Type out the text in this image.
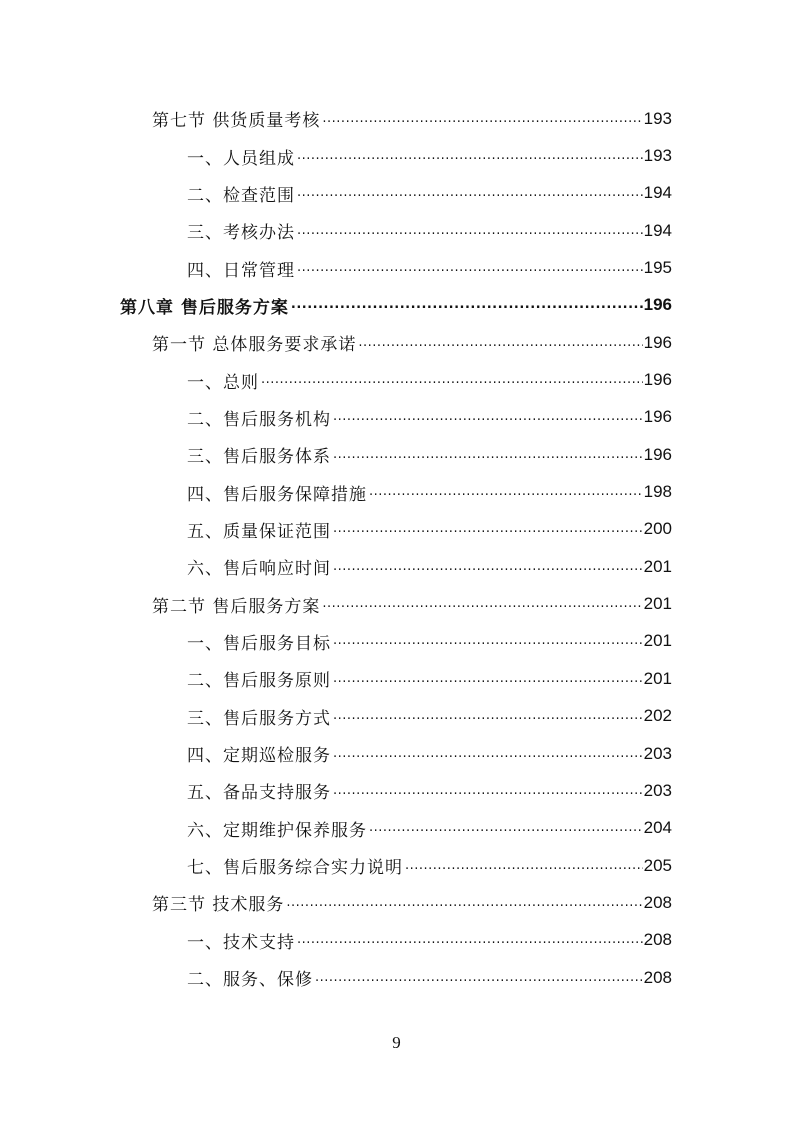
第七节 供货质量考核 .....	193
一、人员组成 .....	193
二、检查范围 .....	194
三、考核办法 .....	194
四、日常管理 .....	195
第八章 售后服务方案 .....	196
第一节 总体服务要求承诺 .....	196
一、总则 .....	196
二、售后服务机构 .....	196
三、售后服务体系 .....	196
四、售后服务保障措施 .....	198
五、质量保证范围 .....	200
六、售后响应时间 .....	201
第二节 售后服务方案 .....	201
一、售后服务目标 .....	201
二、售后服务原则 .....	201
三、售后服务方式 .....	202
四、定期巡检服务 .....	203
五、备品支持服务 .....	203
六、定期维护保养服务 .....	204
七、售后服务综合实力说明 .....	205
第三节 技术服务 .....	208
一、技术支持 .....	208
二、服务、保修 .....	208
9
